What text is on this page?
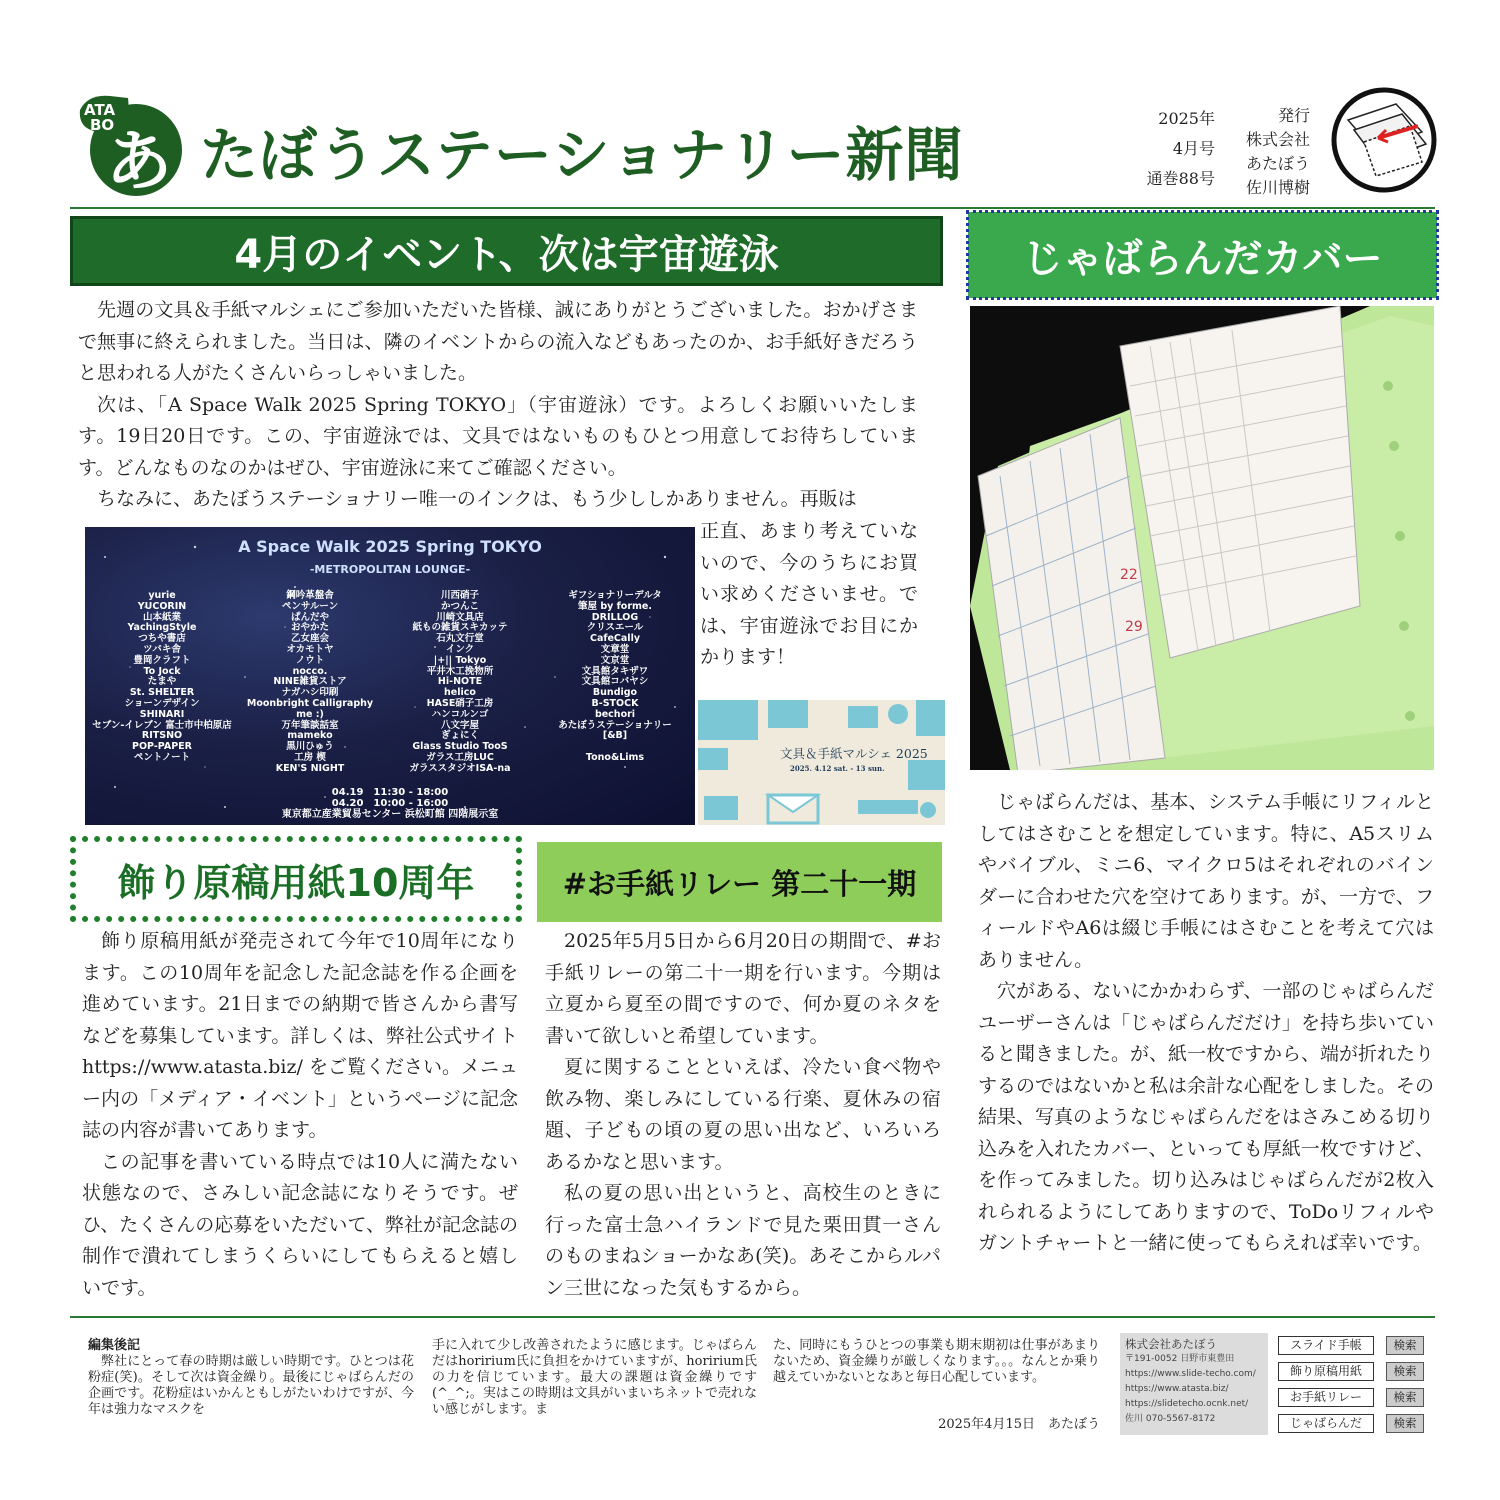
ATA
BO
あ たぼうステーショナリー新聞
2025年
4月号
通巻88号
発行
株式会社
あたぼう
佐川博樹
4月のイベント、次は宇宙遊泳	じゃばらんだカバー
飾り原稿用紙10周年	#お手紙リレー 第二十一期

先週の文具＆手紙マルシェにご参加いただいた皆様、誠にありがとうございました。おかげさまで無事に終えられました。当日は、隣のイベントからの流入などもあったのか、お手紙好きだろうと思われる人がたくさんいらっしゃいました。

次は、「A Space Walk 2025 Spring TOKYO」（宇宙遊泳）です。よろしくお願いいたします。19日20日です。この、宇宙遊泳では、文具ではないものもひとつ用意してお待ちしています。どんなものなのかはぜひ、宇宙遊泳に来てご確認ください。

ちなみに、あたぼうステーショナリー唯一のインクは、もう少ししかありません。再販は

正直、あまり考えていないので、今のうちにお買い求めくださいませ。では、宇宙遊泳でお目にかかります！
A Space Walk 2025 Spring TOKYO
-METROPOLITAN LOUNGE-
yurie
YUCORIN
山本紙業
YachingStyle
つちや書店
ツバキ舎
豊岡クラフト
To Jock
たまや
St. SHELTER
ショーンデザイン
SHINARI
セブン-イレブン 富士市中柏原店
RITSNO
POP-PAPER
ペントノート
鋼吟革盤舎
ペンサルーン
ぱんだや
おやかた
乙女座会
オカモトヤ
ノウト
nocco.
NINE雑貨ストア
ナガハシ印刷
Moonbright Calligraphy
me :)
万年筆談話室
mameko
黒川ひゅう
工房 楔
KEN'S NIGHT
川西硝子
かつんこ
川崎文具店
紙もの雑貨スキカッテ
石丸文行堂
インク
|+|| Tokyo
平井木工挽物所
Hi-NOTE
helico
HASE硝子工房
ハンコルンゴ
八文字屋
ぎょにく
Glass Studio TooS
ガラス工房LUC
ガラススタジオISA-na
ギフショナリーデルタ
筆屋 by forme.
DRILLOG
クリスエール
CafeCally
文章堂
文京堂
文具館タキザワ
文具館コバヤシ
Bundigo
B-STOCK
bechori
あたぼうステーショナリー
[&B]

Tono&Lims
04.19　11:30 - 18:00
04.20　10:00 - 16:00
東京都立産業貿易センター 浜松町館 四階展示室
文具＆手紙マルシェ 2025
2025. 4.12 sat. - 13 sun.
29
22

じゃばらんだは、基本、システム手帳にリフィルとしてはさむことを想定しています。特に、A5スリムやバイブル、ミニ6、マイクロ5はそれぞれのバインダーに合わせた穴を空けてあります。が、一方で、フィールドやA6は綴じ手帳にはさむことを考えて穴はありません。

穴がある、ないにかかわらず、一部のじゃばらんだユーザーさんは「じゃばらんだだけ」を持ち歩いていると聞きました。が、紙一枚ですから、端が折れたりするのではないかと私は余計な心配をしました。その結果、写真のようなじゃばらんだをはさみこめる切り込みを入れたカバー、といっても厚紙一枚ですけど、を作ってみました。切り込みはじゃばらんだが2枚入れられるようにしてありますので、ToDoリフィルやガントチャートと一緒に使ってもらえれば幸いです。

飾り原稿用紙が発売されて今年で10周年になります。この10周年を記念した記念誌を作る企画を進めています。21日までの納期で皆さんから書写などを募集しています。詳しくは、弊社公式サイト https://www.atasta.biz/ をご覧ください。メニュー内の「メディア・イベント」というページに記念誌の内容が書いてあります。

この記事を書いている時点では10人に満たない状態なので、さみしい記念誌になりそうです。ぜひ、たくさんの応募をいただいて、弊社が記念誌の制作で潰れてしまうくらいにしてもらえると嬉しいです。

2025年5月5日から6月20日の期間で、#お手紙リレーの第二十一期を行います。今期は立夏から夏至の間ですので、何か夏のネタを書いて欲しいと希望しています。

夏に関することといえば、冷たい食べ物や飲み物、楽しみにしている行楽、夏休みの宿題、子どもの頃の夏の思い出など、いろいろあるかなと思います。

私の夏の思い出というと、高校生のときに行った富士急ハイランドで見た栗田貫一さんのものまねショーかなあ(笑)。あそこからルパン三世になった気もするから。

編集後記
弊社にとって春の時期は厳しい時期です。ひとつは花粉症(笑)。そして次は資金繰り。最後にじゃばらんだの企画です。花粉症はいかんともしがたいわけですが、今年は強力なマスクを
手に入れて少し改善されたように感じます。じゃばらんだはhoririum氏に負担をかけていますが、horirium氏の力を信じています。最大の課題は資金繰りです(^_^;。実はこの時期は文具がいまいちネットで売れない感じがします。ま
た、同時にもうひとつの事業も期末期初は仕事があまりないため、資金繰りが厳しくなります。。。なんとか乗り越えていかないとなあと毎日心配しています。
2025年4月15日　あたぼう
株式会社あたぼう
〒191-0052 日野市東豊田
https://www.slide-techo.com/
https://www.atasta.biz/
https://slidetecho.ocnk.net/
佐川 070-5567-8172
スライド手帳	検索
飾り原稿用紙	検索
お手紙リレー	検索
じゃばらんだ	検索
